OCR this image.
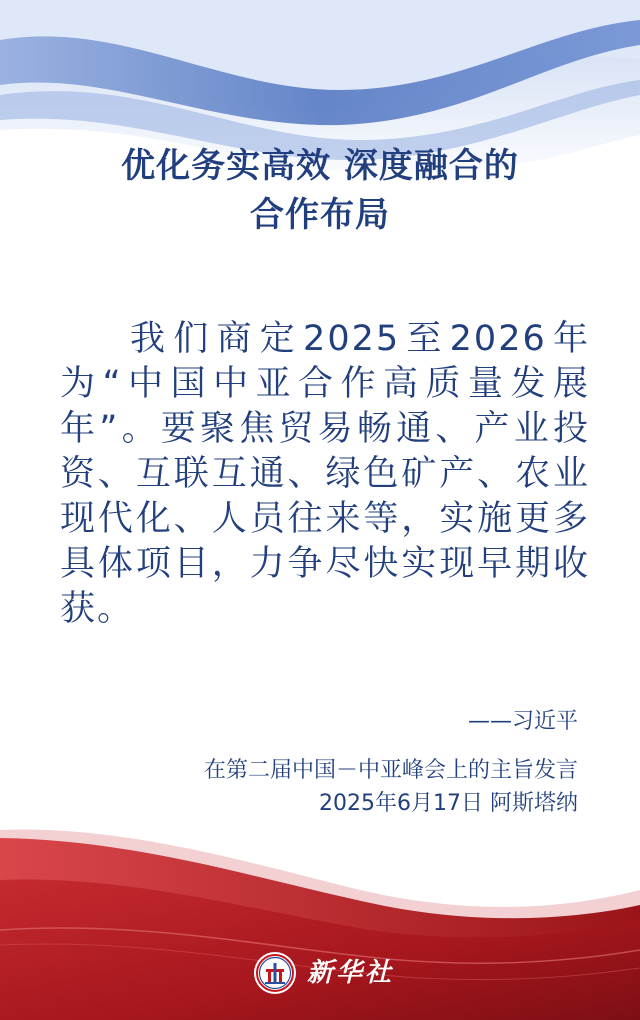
优化务实高效 深度融合的
合作布局

我们商定2025至2026年为“中国中亚合作高质量发展年”。要聚焦贸易畅通、产业投资、互联互通、绿色矿产、农业现代化、人员往来等，实施更多具体项目，力争尽快实现早期收获。

——习近平
在第二届中国－中亚峰会上的主旨发言
2025年6月17日 阿斯塔纳
新华社
